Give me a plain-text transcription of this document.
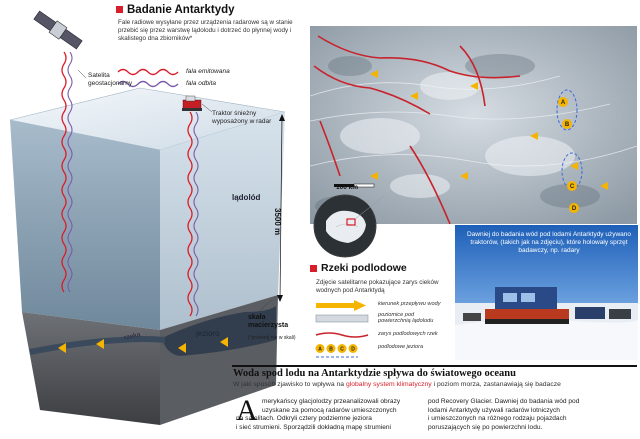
Badanie Antarktydy
Fale radiowe wysyłane przez urządzenia radarowe są w stanie przebić się przez warstwę lądolodu i dotrzeć do płynnej wody i skalistego dna zbiorników*
fala emitowana
fala odbita
Satelita
geostacjonarny
Traktor śnieżny
wyposażony w radar
lądolód
3500 m
jezioro
rzeka
skała
macierzysta
(*przekrój nie w skali)
A
B
C
D
100 km
Rzeki podlodowe
Zdjęcie satelitarne pokazujące zarys cieków wodnych pod Antarktydą
kierunek przepływu wody
poziomice pod
powierzchnią lądolodu
zarys podlodowych rzek
A B C D	podlodowe jeziora
Dawniej do badania wód pod lodami Antarktydy używano traktorów, (takich jak na zdjęciu), które holowały sprzęt badawczy, np. radary
Woda spod lodu na Antarktydzie spływa do światowego oceanu
W jaki sposób zjawisko to wpływa na globalny system klimatyczny i poziom morza, zastanawiają się badacze
A merykańscy glacjolodzy przeanalizowali obrazy
uzyskane za pomocą radarów umieszczonych
na satelitach. Odkryli cztery podziemne jeziora
i sieć strumieni. Sporządzili dokładną mapę strumieni
pod Recovery Glacier. Dawniej do badania wód pod
lodami Antarktydy używali radarów lotniczych
i umieszczonych na różnego rodzaju pojazdach
poruszających się po powierzchni lodu.
